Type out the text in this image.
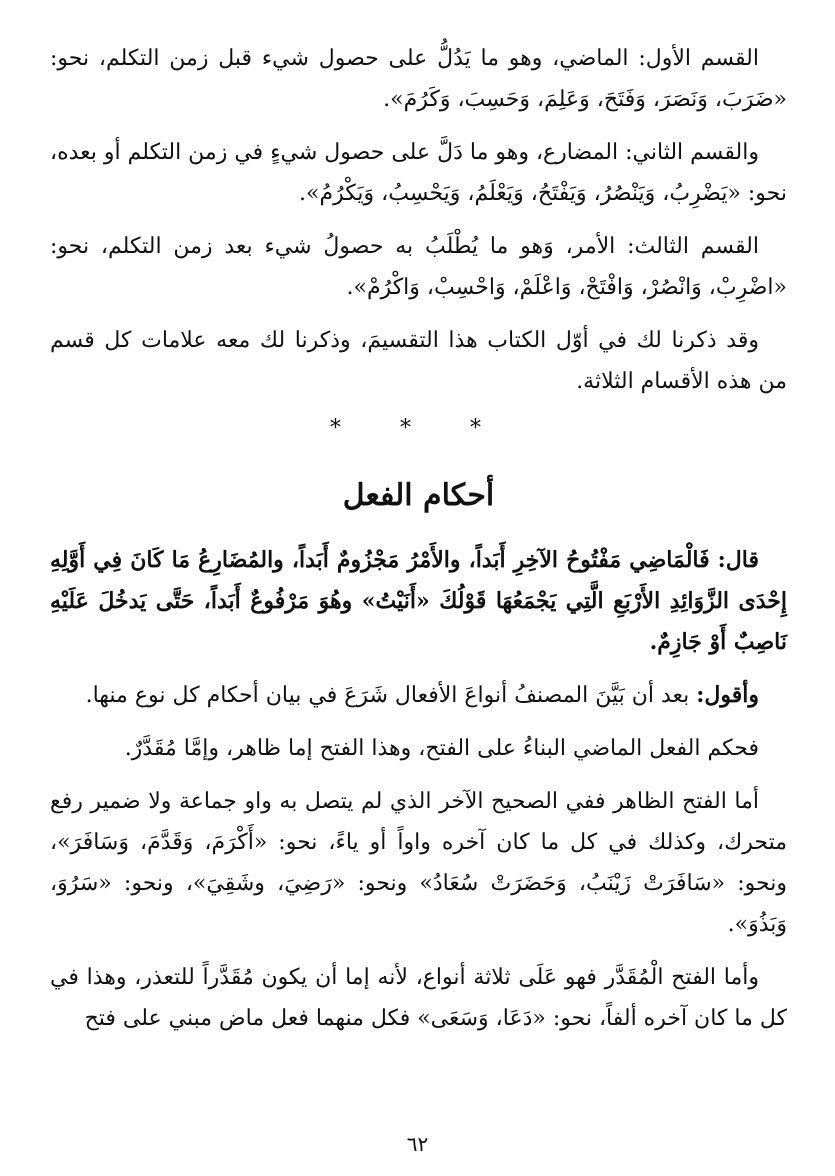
القسم الأول: الماضي، وهو ما يَدُلُّ على حصول شيء قبل زمن التكلم، نحو: «ضَرَبَ، وَنَصَرَ، وَفَتَحَ، وَعَلِمَ، وَحَسِبَ، وَكَرُمَ».

والقسم الثاني: المضارع، وهو ما دَلَّ على حصول شيءٍ في زمن التكلم أو بعده، نحو: «يَضْرِبُ، وَيَنْصُرُ، وَيَفْتَحُ، وَيَعْلَمُ، وَيَحْسِبُ، وَيَكْرُمُ».

القسم الثالث: الأمر، وَهو ما يُطْلَبُ به حصولُ شيء بعد زمن التكلم، نحو: «اضْرِبْ، وَانْصُرْ، وَافْتَحْ، وَاعْلَمْ، وَاحْسِبْ، وَاكْرُمْ».

وقد ذكرنا لك في أوّل الكتاب هذا التقسيمَ، وذكرنا لك معه علامات كل قسم من هذه الأقسام الثلاثة.

* * *
أحكام الفعل

قال: فَالْمَاضِي مَفْتُوحُ الآخِرِ أَبَداً، والأَمْرُ مَجْزُومٌ أَبَداً، والمُضَارِعُ مَا كَانَ فِي أَوَّلِهِ إِحْدَى الزَّوَائِدِ الأَرْبَعِ الَّتِي يَجْمَعُهَا قَوْلُكَ «أَنَيْتُ» وهُوَ مَرْفُوعٌ أَبَداً، حَتَّى يَدخُلَ عَلَيْهِ نَاصِبٌ أَوْ جَازِمٌ.

وأقول: بعد أن بَيَّنَ المصنفُ أنواعَ الأفعال شَرَعَ في بيان أحكام كل نوع منها.

فحكم الفعل الماضي البناءُ على الفتح، وهذا الفتح إما ظاهر، وإمَّا مُقَدَّرٌ.

أما الفتح الظاهر ففي الصحيح الآخر الذي لم يتصل به واو جماعة ولا ضمير رفع متحرك، وكذلك في كل ما كان آخره واواً أو ياءً، نحو: «أَكْرَمَ، وَقَدَّمَ، وَسَافَرَ»، ونحو: «سَافَرَتْ زَيْنَبُ، وَحَضَرَتْ سُعَادُ» ونحو: «رَضِيَ، وشَقِيَ»، ونحو: «سَرُوَ، وَبَذُوَ».

وأما الفتح الْمُقَدَّر فهو عَلَى ثلاثة أنواع، لأنه إما أن يكون مُقَدَّراً للتعذر، وهذا في كل ما كان آخره ألفاً، نحو: «دَعَا، وَسَعَى» فكل منهما فعل ماض مبني على فتح

٦٢
